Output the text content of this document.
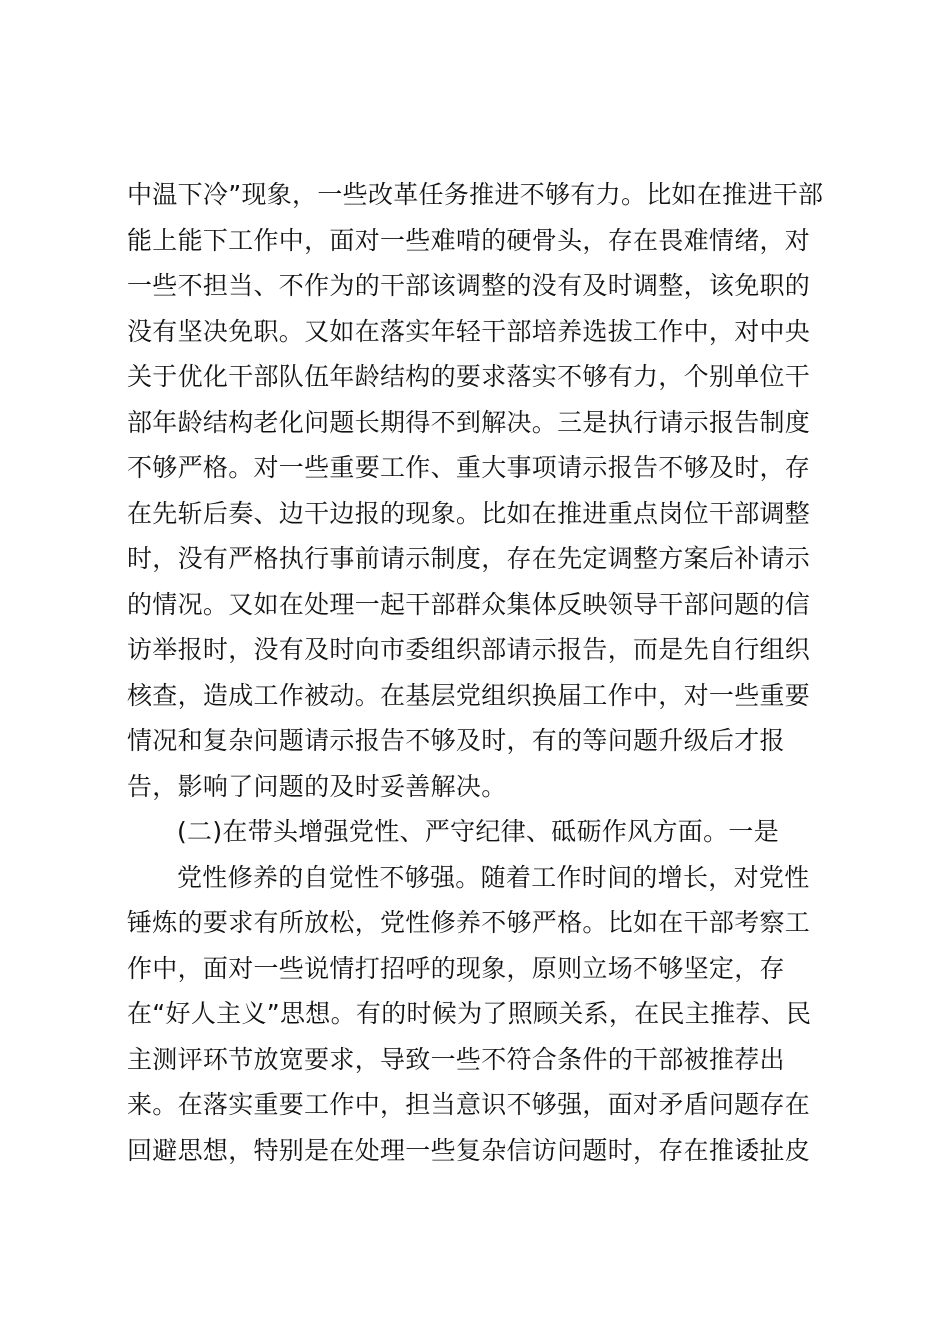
中温下冷”现象，一些改革任务推进不够有力。比如在推进干部
能上能下工作中，面对一些难啃的硬骨头，存在畏难情绪，对
一些不担当、不作为的干部该调整的没有及时调整，该免职的
没有坚决免职。又如在落实年轻干部培养选拔工作中，对中央
关于优化干部队伍年龄结构的要求落实不够有力，个别单位干
部年龄结构老化问题长期得不到解决。三是执行请示报告制度
不够严格。对一些重要工作、重大事项请示报告不够及时，存
在先斩后奏、边干边报的现象。比如在推进重点岗位干部调整
时，没有严格执行事前请示制度，存在先定调整方案后补请示
的情况。又如在处理一起干部群众集体反映领导干部问题的信
访举报时，没有及时向市委组织部请示报告，而是先自行组织
核查，造成工作被动。在基层党组织换届工作中，对一些重要
情况和复杂问题请示报告不够及时，有的等问题升级后才报
告，影响了问题的及时妥善解决。
(二)在带头增强党性、严守纪律、砥砺作风方面。一是
党性修养的自觉性不够强。随着工作时间的增长，对党性
锤炼的要求有所放松，党性修养不够严格。比如在干部考察工
作中，面对一些说情打招呼的现象，原则立场不够坚定，存
在“好人主义”思想。有的时候为了照顾关系，在民主推荐、民
主测评环节放宽要求，导致一些不符合条件的干部被推荐出
来。在落实重要工作中，担当意识不够强，面对矛盾问题存在
回避思想，特别是在处理一些复杂信访问题时，存在推诿扯皮
